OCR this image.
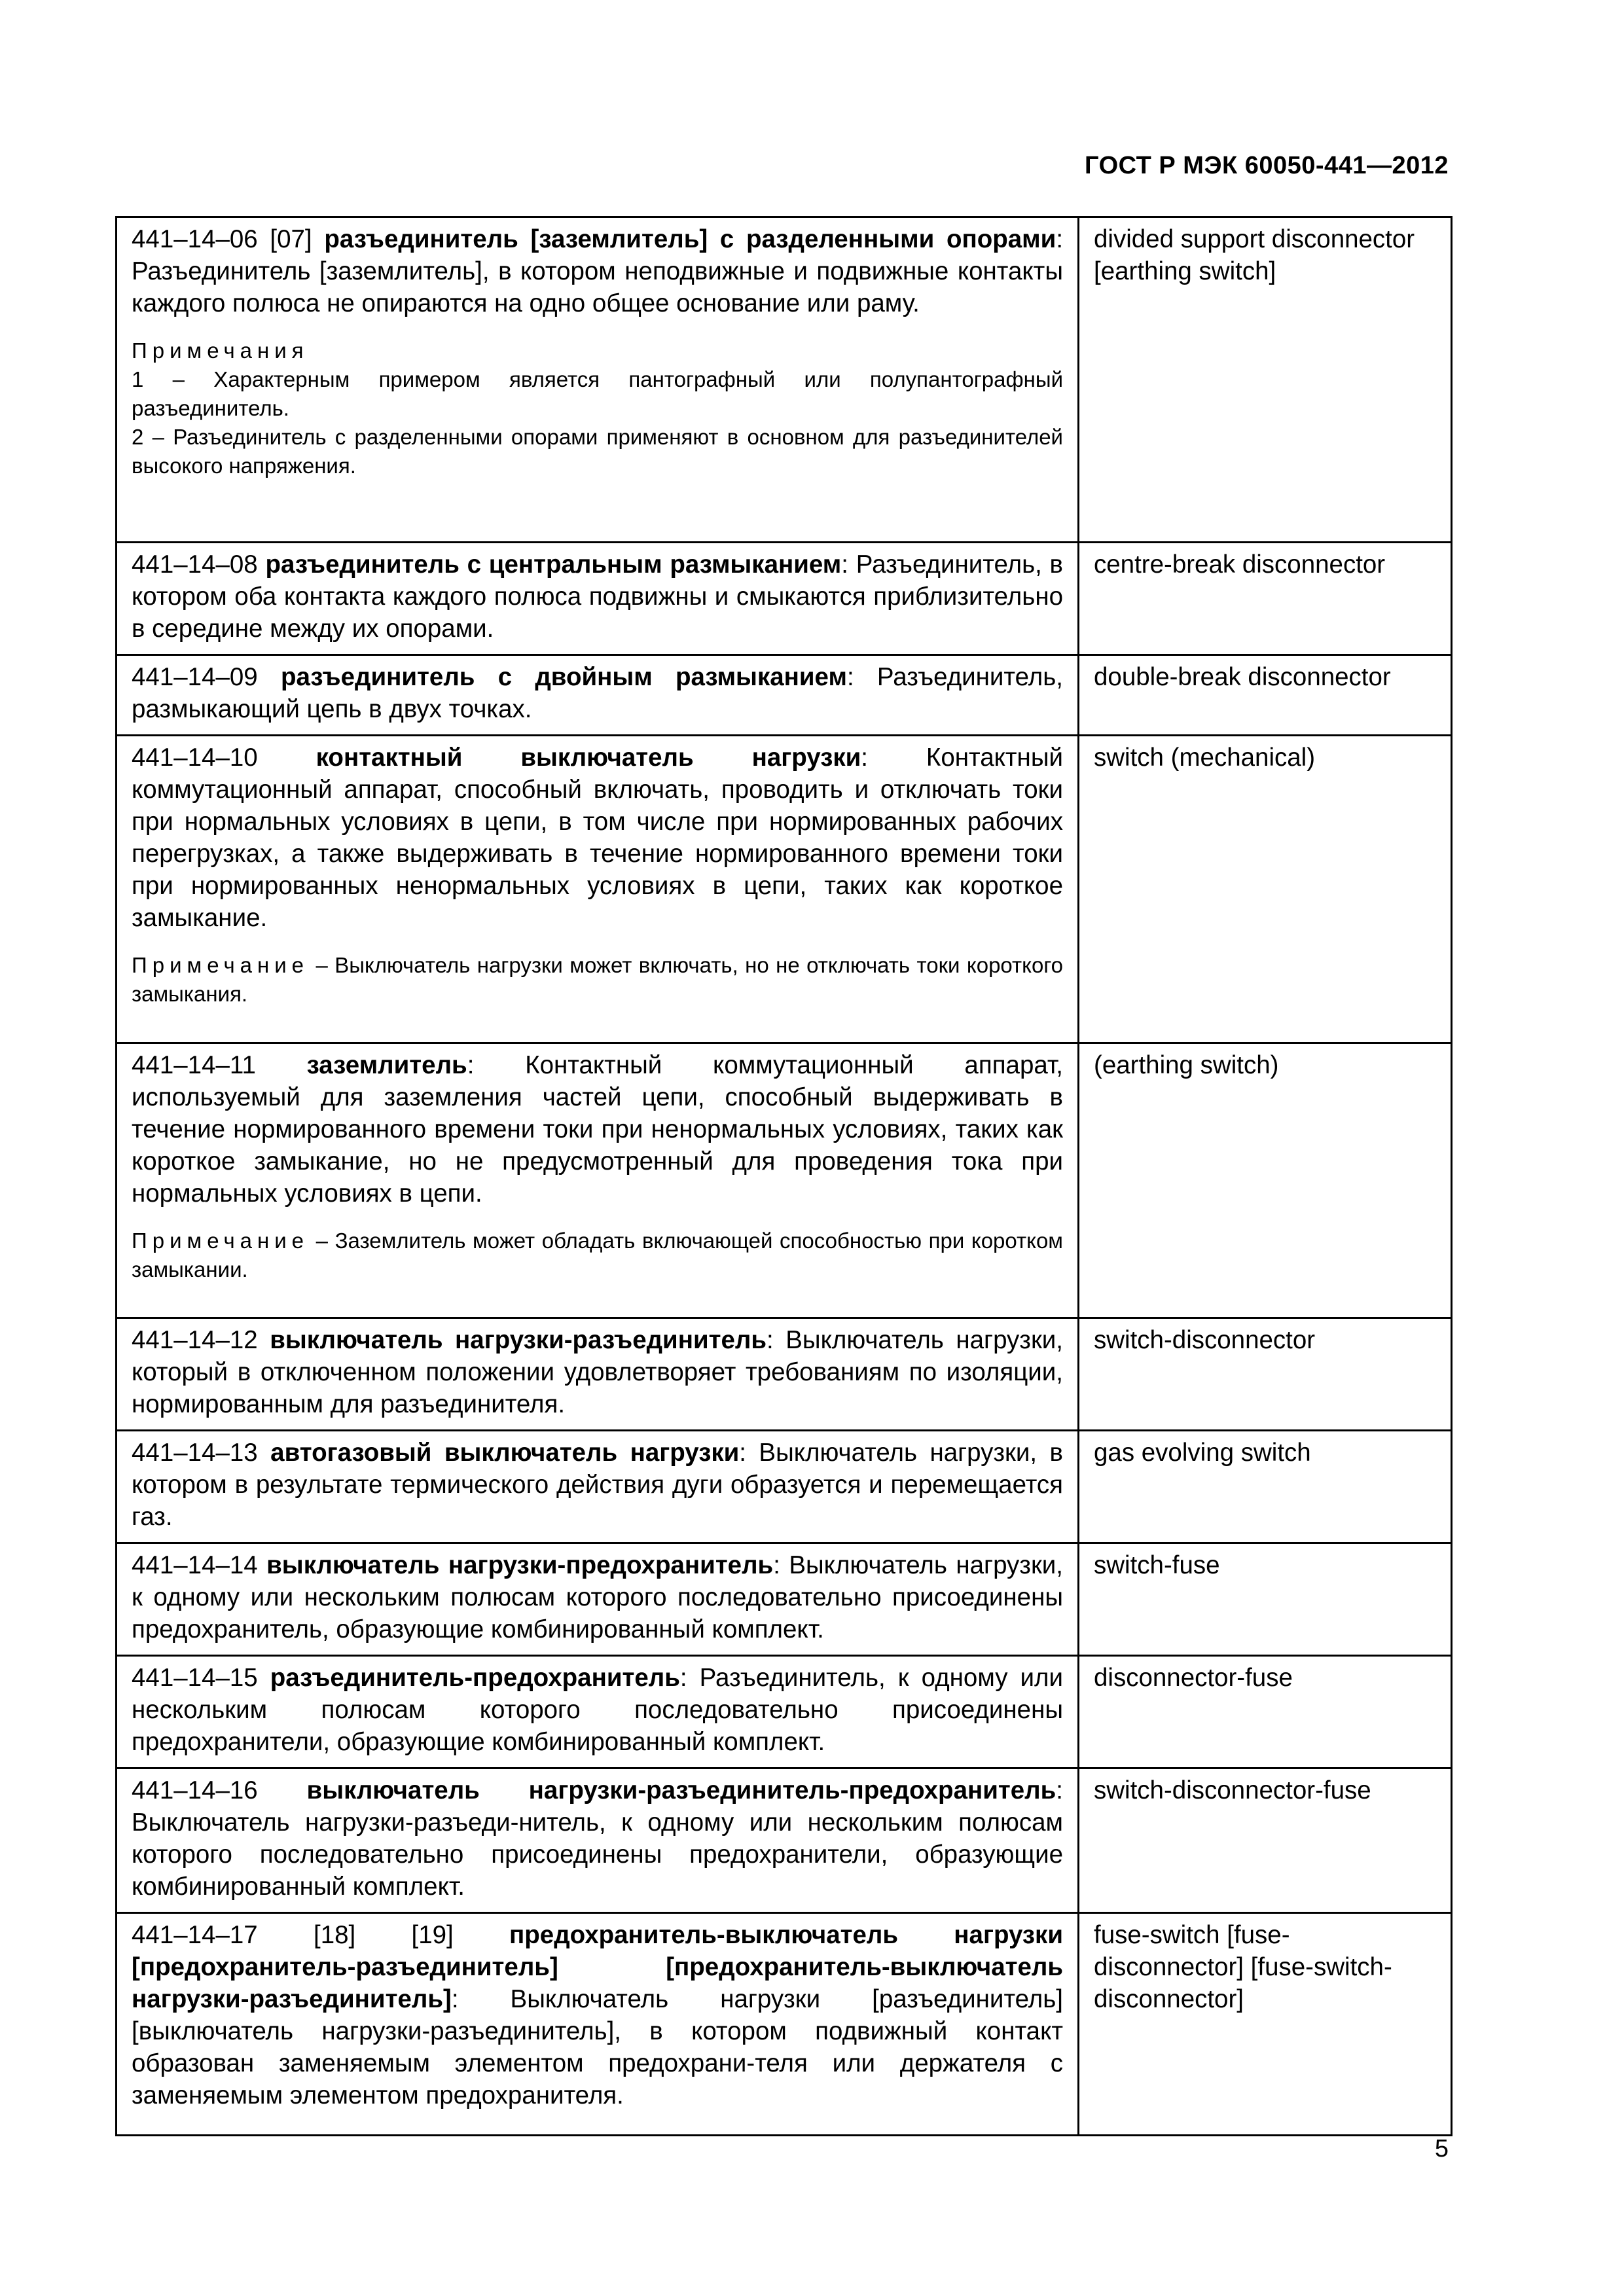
ГОСТ Р МЭК 60050-441—2012
441–14–06 [07] разъединитель [заземлитель] с разделенными опорами: Разъединитель [заземлитель], в котором неподвижные и подвижные контакты каждого полюса не опираются на одно общее основание или раму.
Примечания
1 – Характерным примером является пантографный или полупантографный разъединитель.
2 – Разъединитель с разделенными опорами применяют в основном для разъединителей высокого напряжения.	divided support disconnector [earthing switch]

441–14–08 разъединитель с центральным размыканием: Разъединитель, в котором оба контакта каждого полюса подвижны и смыкаются приблизительно в середине между их опорами.	centre-break disconnector

441–14–09 разъединитель с двойным размыканием: Разъединитель, размыкающий цепь в двух точках.	double-break disconnector

441–14–10 контактный выключатель нагрузки: Контактный коммутационный аппарат, способный включать, проводить и отключать токи при нормальных условиях в цепи, в том числе при нормированных рабочих перегрузках, а также выдерживать в течение нормированного времени токи при нормированных ненормальных условиях в цепи, таких как короткое замыкание.
Примечание – Выключатель нагрузки может включать, но не отключать токи короткого замыкания.	switch (mechanical)

441–14–11 заземлитель: Контактный коммутационный аппарат, используемый для заземления частей цепи, способный выдерживать в течение нормированного времени токи при ненормальных условиях, таких как короткое замыкание, но не предусмотренный для проведения тока при нормальных условиях в цепи.
Примечание – Заземлитель может обладать включающей способностью при коротком замыкании.	(earthing switch)

441–14–12 выключатель нагрузки-разъединитель: Выключатель нагрузки, который в отключенном положении удовлетворяет требованиям по изоляции, нормированным для разъединителя.	switch-disconnector

441–14–13 автогазовый выключатель нагрузки: Выключатель нагрузки, в котором в результате термического действия дуги образуется и перемещается газ.	gas evolving switch

441–14–14 выключатель нагрузки-предохранитель: Выключатель нагрузки, к одному или нескольким полюсам которого последовательно присоединены предохранитель, образующие комбинированный комплект.	switch-fuse

441–14–15 разъединитель-предохранитель: Разъединитель, к одному или нескольким полюсам которого последовательно присоединены предохранители, образующие комбинированный комплект.	disconnector-fuse

441–14–16 выключатель нагрузки-разъединитель-предохранитель: Выключатель нагрузки-разъеди-нитель, к одному или нескольким полюсам которого последовательно присоединены предохранители, образующие комбинированный комплект.	switch-disconnector-fuse

441–14–17 [18] [19] предохранитель-выключатель нагрузки [предохранитель-разъединитель] [предохранитель-выключатель нагрузки-разъединитель]: Выключатель нагрузки [разъединитель] [выключатель нагрузки-разъединитель], в котором подвижный контакт образован заменяемым элементом предохрани-теля или держателя с заменяемым элементом предохранителя.	fuse-switch [fuse-disconnector] [fuse-switch-disconnector]
5
